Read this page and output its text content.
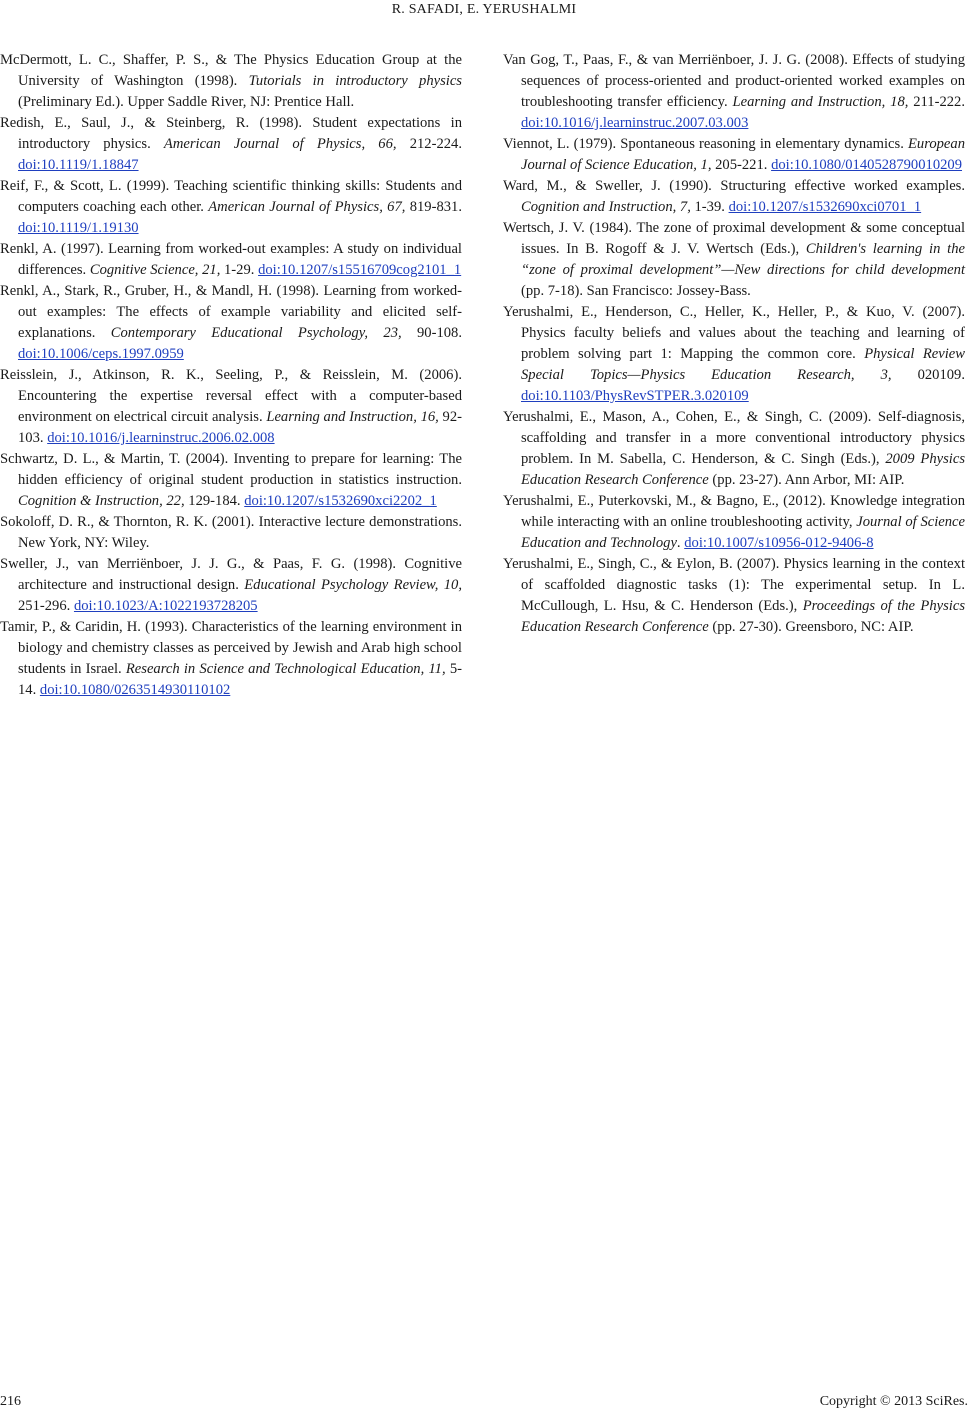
R. SAFADI, E. YERUSHALMI

McDermott, L. C., Shaffer, P. S., & The Physics Education Group at the University of Washington (1998). Tutorials in introductory physics (Preliminary Ed.). Upper Saddle River, NJ: Prentice Hall.

Redish, E., Saul, J., & Steinberg, R. (1998). Student expectations in introductory physics. American Journal of Physics, 66, 212-224. doi:10.1119/1.18847

Reif, F., & Scott, L. (1999). Teaching scientific thinking skills: Students and computers coaching each other. American Journal of Physics, 67, 819-831. doi:10.1119/1.19130

Renkl, A. (1997). Learning from worked-out examples: A study on individual differences. Cognitive Science, 21, 1-29. doi:10.1207/s15516709cog2101_1

Renkl, A., Stark, R., Gruber, H., & Mandl, H. (1998). Learning from worked-out examples: The effects of example variability and elicited self-explanations. Contemporary Educational Psychology, 23, 90-108. doi:10.1006/ceps.1997.0959

Reisslein, J., Atkinson, R. K., Seeling, P., & Reisslein, M. (2006). Encountering the expertise reversal effect with a computer-based environment on electrical circuit analysis. Learning and Instruction, 16, 92-103. doi:10.1016/j.learninstruc.2006.02.008

Schwartz, D. L., & Martin, T. (2004). Inventing to prepare for learning: The hidden efficiency of original student production in statistics instruction. Cognition & Instruction, 22, 129-184. doi:10.1207/s1532690xci2202_1

Sokoloff, D. R., & Thornton, R. K. (2001). Interactive lecture demonstrations. New York, NY: Wiley.

Sweller, J., van Merriënboer, J. J. G., & Paas, F. G. (1998). Cognitive architecture and instructional design. Educational Psychology Review, 10, 251-296. doi:10.1023/A:1022193728205

Tamir, P., & Caridin, H. (1993). Characteristics of the learning environment in biology and chemistry classes as perceived by Jewish and Arab high school students in Israel. Research in Science and Technological Education, 11, 5-14. doi:10.1080/0263514930110102

Van Gog, T., Paas, F., & van Merriënboer, J. J. G. (2008). Effects of studying sequences of process-oriented and product-oriented worked examples on troubleshooting transfer efficiency. Learning and Instruction, 18, 211-222. doi:10.1016/j.learninstruc.2007.03.003

Viennot, L. (1979). Spontaneous reasoning in elementary dynamics. European Journal of Science Education, 1, 205-221. doi:10.1080/0140528790010209

Ward, M., & Sweller, J. (1990). Structuring effective worked examples. Cognition and Instruction, 7, 1-39. doi:10.1207/s1532690xci0701_1

Wertsch, J. V. (1984). The zone of proximal development & some conceptual issues. In B. Rogoff & J. V. Wertsch (Eds.), Children's learning in the “zone of proximal development”—New directions for child development (pp. 7-18). San Francisco: Jossey-Bass.

Yerushalmi, E., Henderson, C., Heller, K., Heller, P., & Kuo, V. (2007). Physics faculty beliefs and values about the teaching and learning of problem solving part 1: Mapping the common core. Physical Review Special Topics—Physics Education Research, 3, 020109. doi:10.1103/PhysRevSTPER.3.020109

Yerushalmi, E., Mason, A., Cohen, E., & Singh, C. (2009). Self-diagnosis, scaffolding and transfer in a more conventional introductory physics problem. In M. Sabella, C. Henderson, & C. Singh (Eds.), 2009 Physics Education Research Conference (pp. 23-27). Ann Arbor, MI: AIP.

Yerushalmi, E., Puterkovski, M., & Bagno, E., (2012). Knowledge integration while interacting with an online troubleshooting activity, Journal of Science Education and Technology. doi:10.1007/s10956-012-9406-8

Yerushalmi, E., Singh, C., & Eylon, B. (2007). Physics learning in the context of scaffolded diagnostic tasks (1): The experimental setup. In L. McCullough, L. Hsu, & C. Henderson (Eds.), Proceedings of the Physics Education Research Conference (pp. 27-30). Greensboro, NC: AIP.

216	Copyright © 2013 SciRes.
